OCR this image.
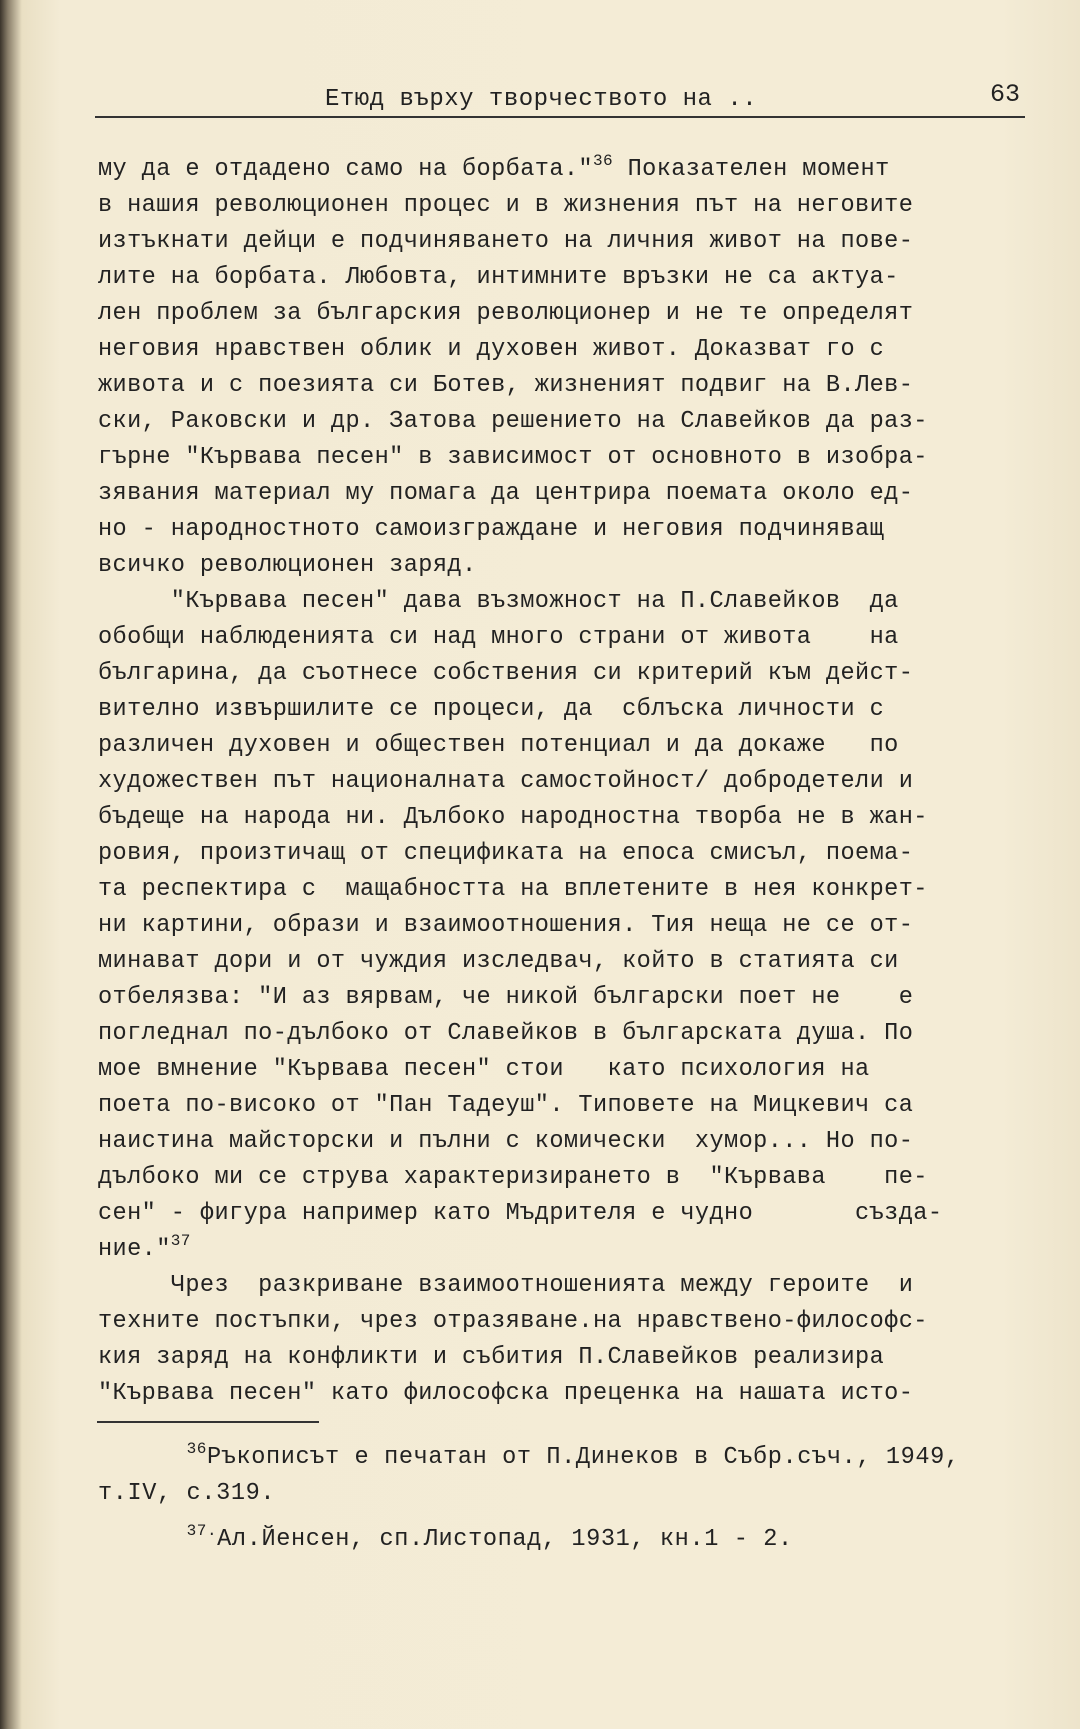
Етюд върху творчеството на ..	63
му да е отдадено само на борбата."$^{36}$ Показателен момент
в нашия революционен процес и в жизнения път на неговите
изтъкнати дейци е подчиняването на личния живот на пове-
лите на борбата. Любовта, интимните връзки не са актуа-
лен проблем за българския революционер и не те определят
неговия нравствен облик и духовен живот. Доказват го с
живота и с поезията си Ботев, жизненият подвиг на В.Лев-
ски, Раковски и др. Затова решението на Славейков да раз-
гърне "Кървава песен" в зависимост от основното в изобра-
зявания материал му помага да центрира поемата около ед-
но - народностното самоизграждане и неговия подчиняващ
всичко революционен заряд.
"Кървава песен" дава възможност на П.Славейков  да
обобщи наблюденията си над много страни от живота    на
българина, да съотнесе собствения си критерий към дейст-
вително извършилите се процеси, да  сблъска личности с
различен духовен и обществен потенциал и да докаже   по
художествен път националната самостойност/ добродетели и
бъдеще на народа ни. Дълбоко народностна творба не в жан-
ровия, произтичащ от спецификата на епоса смисъл, поема-
та респектира с  мащабността на вплетените в нея конкрет-
ни картини, образи и взаимоотношения. Тия неща не се от-
минават дори и от чуждия изследвач, който в статията си
отбелязва: "И аз вярвам, че никой български поет не    е
погледнал по-дълбоко от Славейков в българската душа. По
мое вмнение "Кървава песен" стои   като психология на
поета по-високо от "Пан Тадеуш". Типовете на Мицкевич са
наистина майсторски и пълни с комически  хумор... Но по-
дълбоко ми се струва характеризирането в  "Кървава    пе-
сен" - фигура например като Мъдрителя е чудно       създа-
ние."$^{37}$
Чрез  разкриване взаимоотношенията между героите  и
техните постъпки, чрез отразяване.на нравствено-философс-
кия заряд на конфликти и събития П.Славейков реализира
"Кървава песен" като философска преценка на нашата исто-
$^{36}$Ръкописът е печатан от П.Динеков в Събр.съч., 1949,
т.IV, с.319.
$^{37.}$Ал.Йенсен, сп.Листопад, 1931, кн.1 - 2.
